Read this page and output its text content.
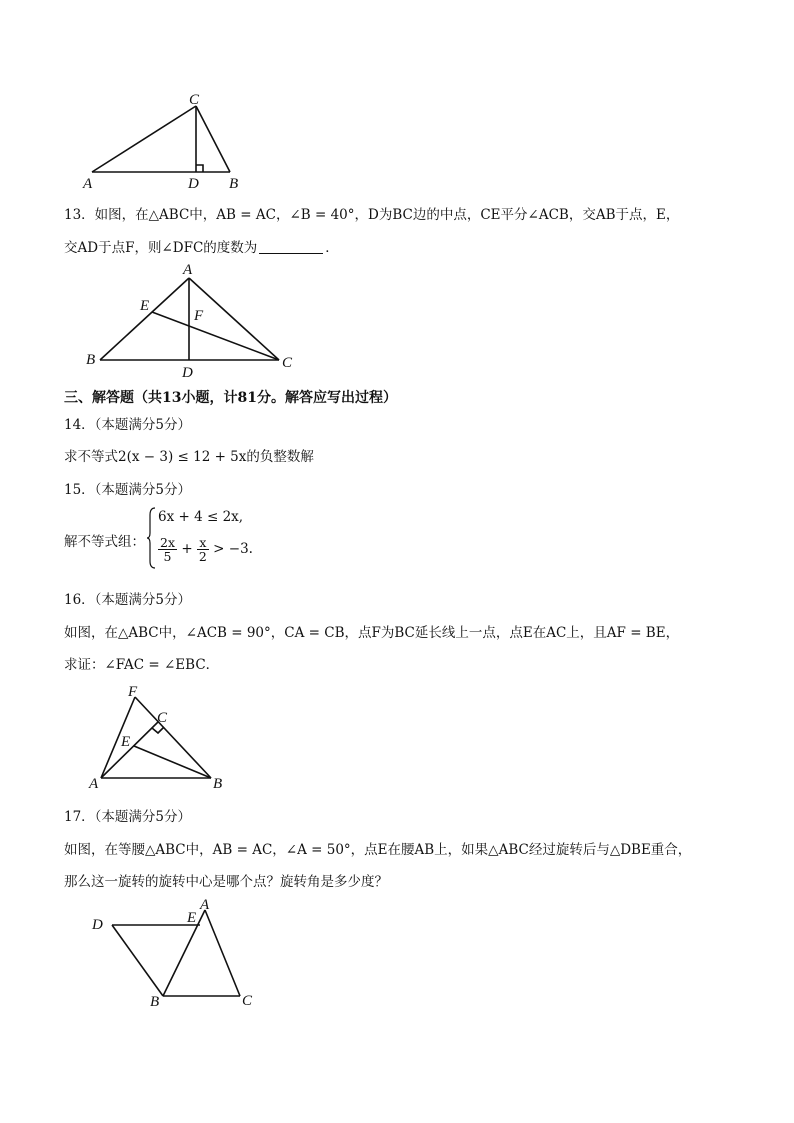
C
A	D B
13．如图，在△ABC中，AB = AC，∠B = 40°，D为BC边的中点，CE平分∠ACB，交AB于点，E，
交AD于点F，则∠DFC的度数为	．
A
E
F
B
D
C
三、解答题（共13小题，计81分。解答应写出过程）
14．（本题满分5分）
求不等式2(x − 3) ≤ 12 + 5x的负整数解
15．（本题满分5分）
解不等式组：
6x + 4 ≤ 2x,
$\frac{2x}{5} + \frac{x}{2} > -3$.
16．（本题满分5分）
如图，在△ABC中，∠ACB = 90°，CA = CB，点F为BC延长线上一点，点E在AC上，且AF = BE，
求证：∠FAC = ∠EBC．
F
C
E
A	B
17．（本题满分5分）
如图，在等腰△ABC中，AB = AC，∠A = 50°，点E在腰AB上，如果△ABC经过旋转后与△DBE重合，
那么这一旋转的旋转中心是哪个点？旋转角是多少度？
A
E
D
B	C
